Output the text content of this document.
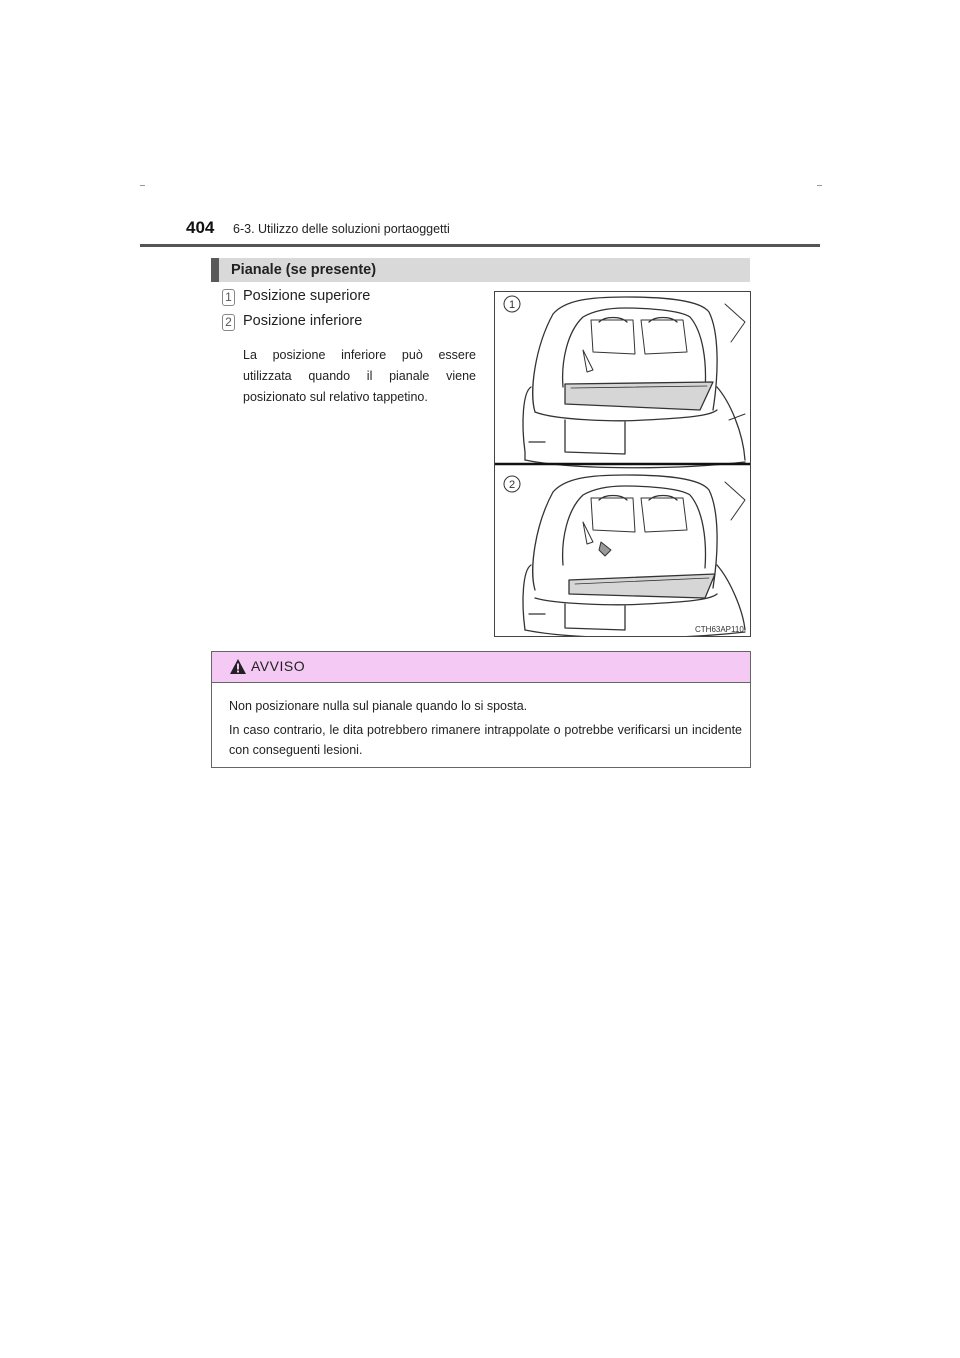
404 6-3. Utilizzo delle soluzioni portaoggetti
Pianale (se presente)
1 Posizione superiore
2 Posizione inferiore
La posizione inferiore può essere utilizzata quando il pianale viene posizionato sul relativo tappetino.
1
2
CTH63AP110
AVVISO
Non posizionare nulla sul pianale quando lo si sposta.
In caso contrario, le dita potrebbero rimanere intrappolate o potrebbe verificarsi un incidente con conseguenti lesioni.
